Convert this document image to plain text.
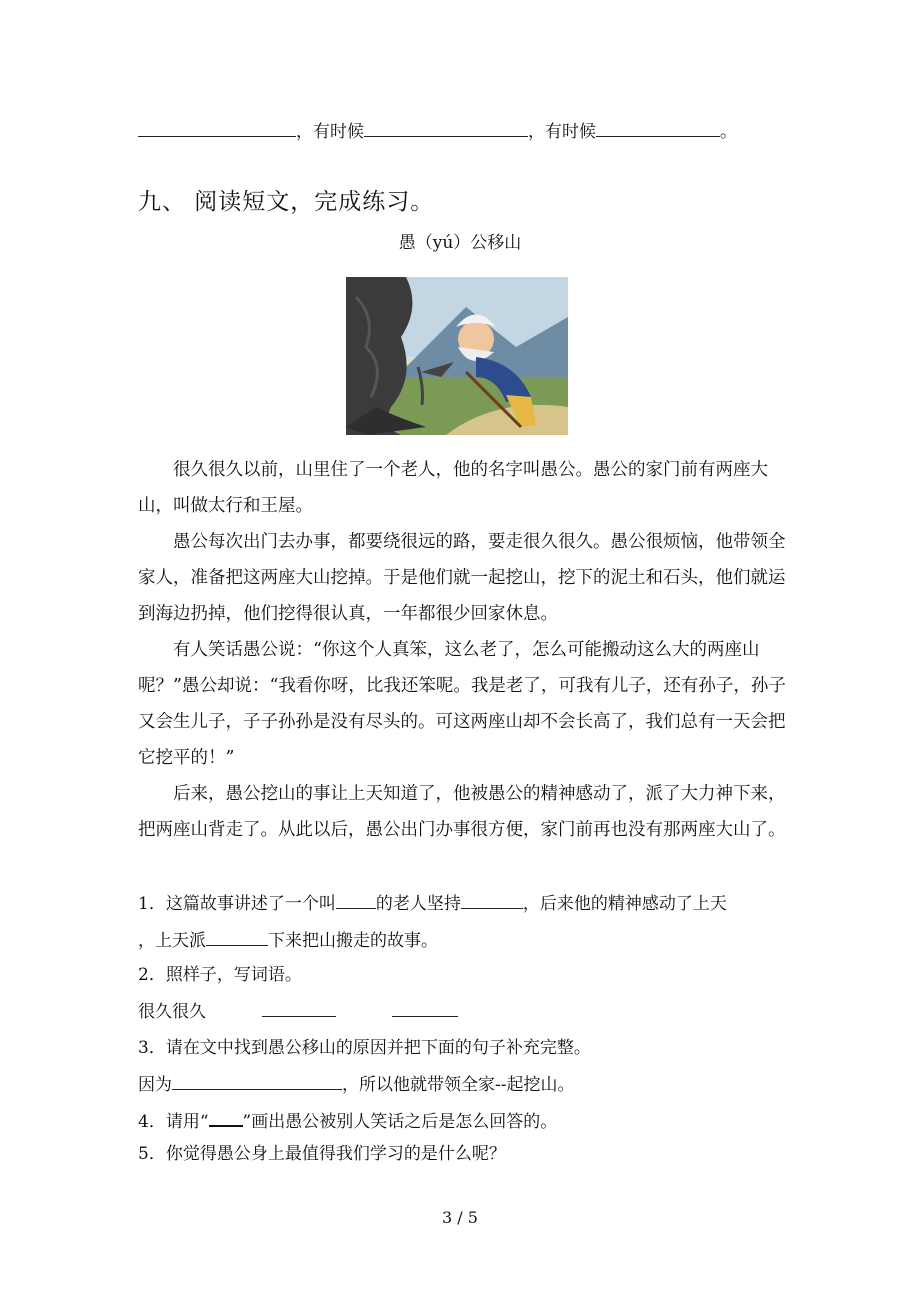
，有时候	，有时候	。
九、 阅读短文，完成练习。
愚（yú）公移山

很久很久以前，山里住了一个老人，他的名字叫愚公。愚公的家门前有两座大山，叫做太行和王屋。

愚公每次出门去办事，都要绕很远的路，要走很久很久。愚公很烦恼，他带领全家人，准备把这两座大山挖掉。于是他们就一起挖山，挖下的泥土和石头，他们就运到海边扔掉，他们挖得很认真，一年都很少回家休息。

有人笑话愚公说：“你这个人真笨，这么老了，怎么可能搬动这么大的两座山呢？”愚公却说：“我看你呀，比我还笨呢。我是老了，可我有儿子，还有孙子，孙子又会生儿子，子子孙孙是没有尽头的。可这两座山却不会长高了，我们总有一天会把它挖平的！”

后来，愚公挖山的事让上天知道了，他被愚公的精神感动了，派了大力神下来，把两座山背走了。从此以后，愚公出门办事很方便，家门前再也没有那两座大山了。

1．这篇故事讲述了一个叫 的老人坚持	，后来他的精神感动了上天
，上天派	下来把山搬走的故事。
2．照样子，写词语。
很久很久
3．请在文中找到愚公移山的原因并把下面的句子补充完整。
因为	，所以他就带领全家--起挖山。
4．请用“ ”画出愚公被别人笑话之后是怎么回答的。
5．你觉得愚公身上最值得我们学习的是什么呢？
3 / 5
